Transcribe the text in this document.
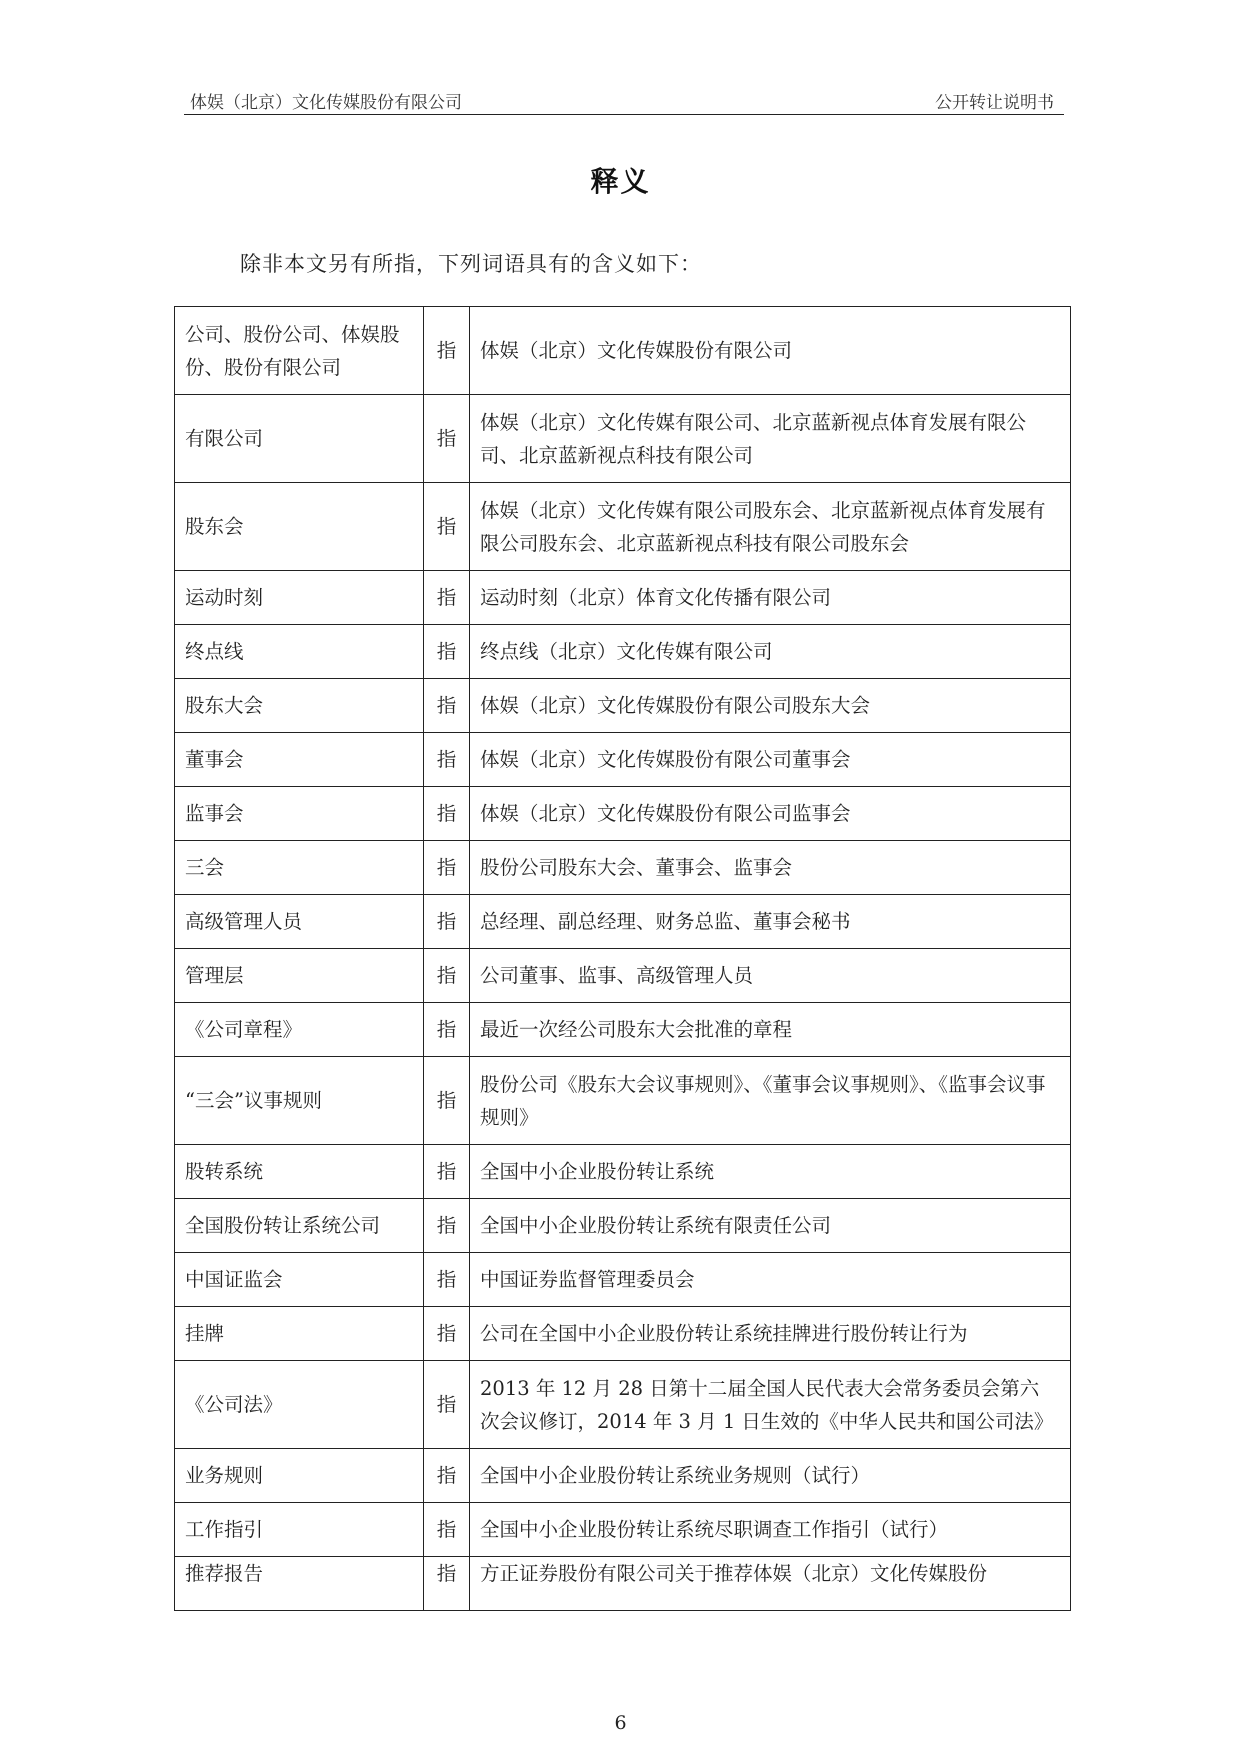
体娱（北京）文化传媒股份有限公司	公开转让说明书
释义
除非本文另有所指，下列词语具有的含义如下：
公司、股份公司、体娱股份、股份有限公司	指	体娱（北京）文化传媒股份有限公司
有限公司	指	体娱（北京）文化传媒有限公司、北京蓝新视点体育发展有限公司、北京蓝新视点科技有限公司
股东会	指	体娱（北京）文化传媒有限公司股东会、北京蓝新视点体育发展有限公司股东会、北京蓝新视点科技有限公司股东会
运动时刻	指	运动时刻（北京）体育文化传播有限公司
终点线	指	终点线（北京）文化传媒有限公司
股东大会	指	体娱（北京）文化传媒股份有限公司股东大会
董事会	指	体娱（北京）文化传媒股份有限公司董事会
监事会	指	体娱（北京）文化传媒股份有限公司监事会
三会	指	股份公司股东大会、董事会、监事会
高级管理人员	指	总经理、副总经理、财务总监、董事会秘书
管理层	指	公司董事、监事、高级管理人员
《公司章程》	指	最近一次经公司股东大会批准的章程
“三会”议事规则	指	股份公司《股东大会议事规则》、《董事会议事规则》、《监事会议事规则》
股转系统	指	全国中小企业股份转让系统
全国股份转让系统公司	指	全国中小企业股份转让系统有限责任公司
中国证监会	指	中国证券监督管理委员会
挂牌	指	公司在全国中小企业股份转让系统挂牌进行股份转让行为
《公司法》	指	2013 年 12 月 28 日第十二届全国人民代表大会常务委员会第六　次会议修订，2014 年 3 月 1 日生效的《中华人民共和国公司法》

业务规则	指	全国中小企业股份转让系统业务规则（试行）
工作指引	指	全国中小企业股份转让系统尽职调查工作指引（试行）
推荐报告	指	方正证券股份有限公司关于推荐体娱（北京）文化传媒股份
6
